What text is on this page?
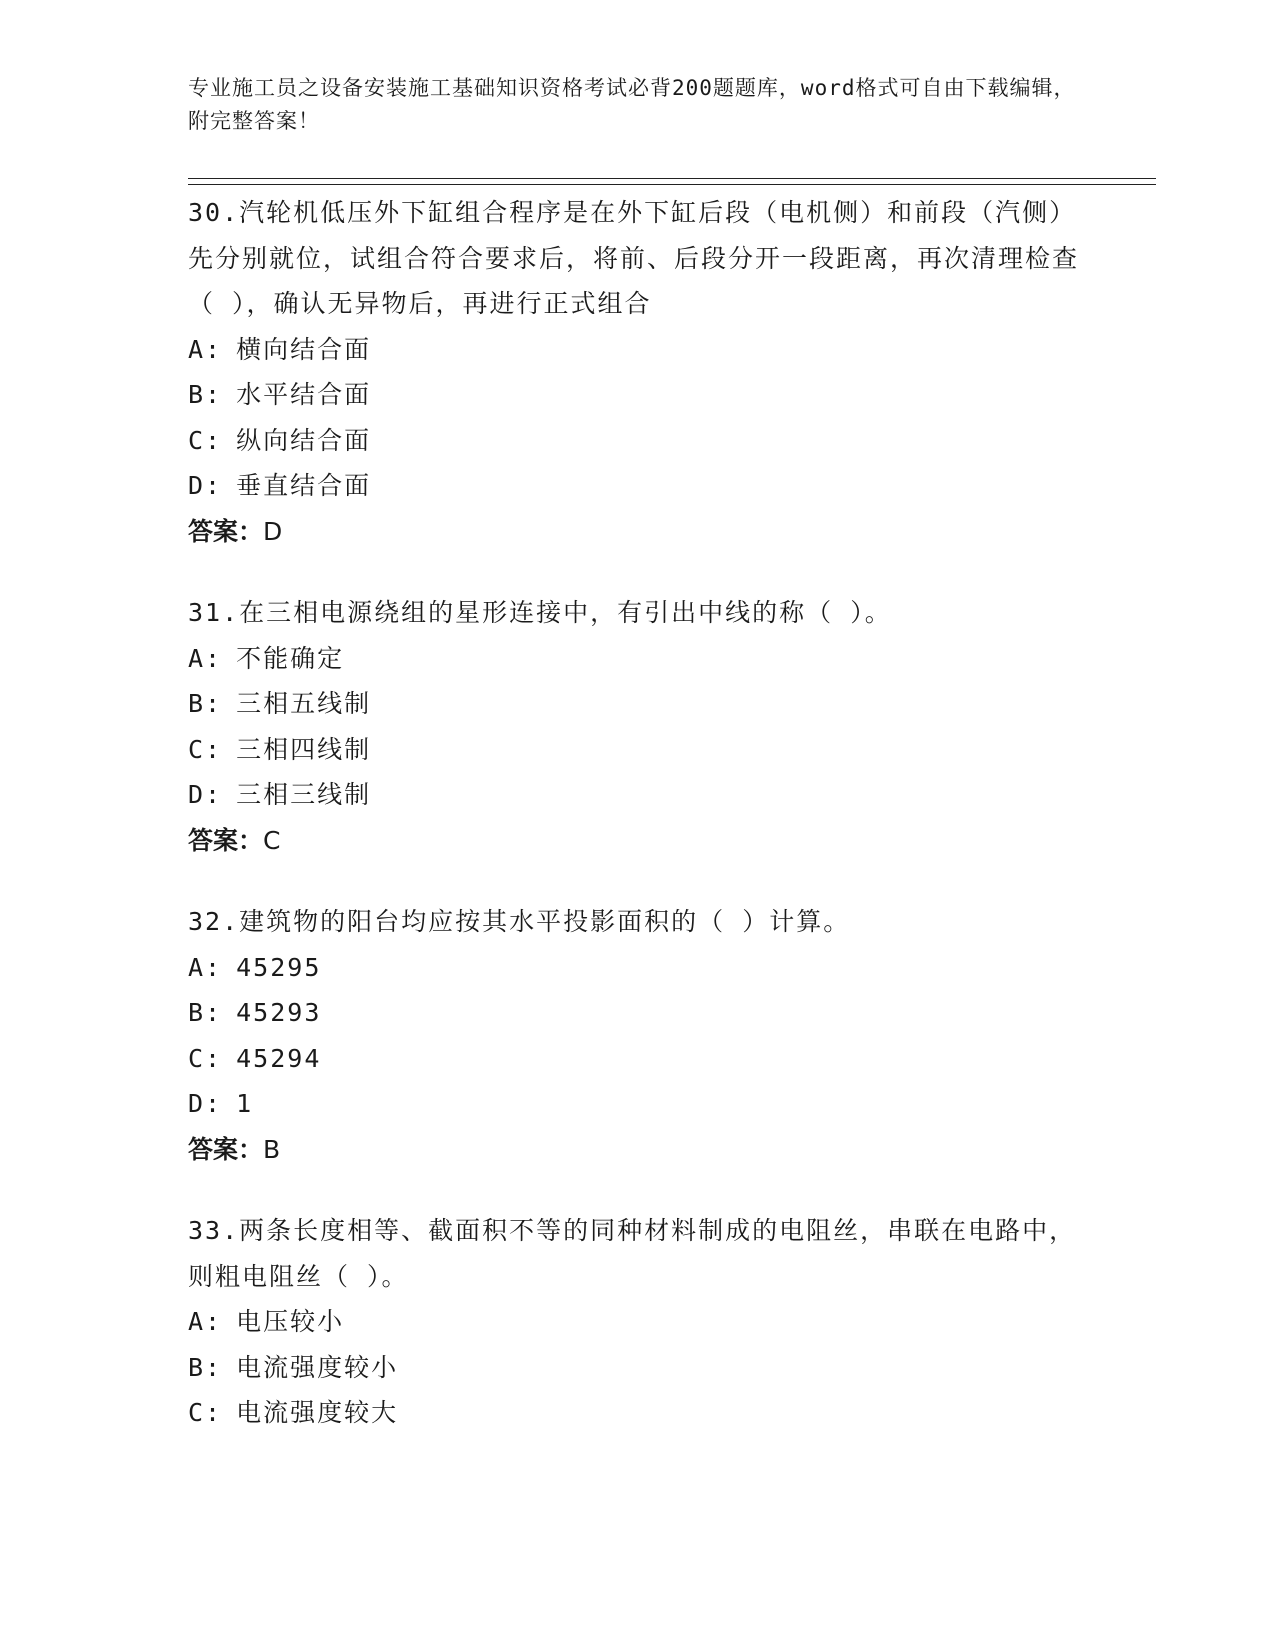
专业施工员之设备安装施工基础知识资格考试必背200题题库，word格式可自由下载编辑，附完整答案！

30.汽轮机低压外下缸组合程序是在外下缸后段（电机侧）和前段（汽侧）先分别就位，试组合符合要求后，将前、后段分开一段距离，再次清理检查（ ），确认无异物后，再进行正式组合

A: 横向结合面

B: 水平结合面

C: 纵向结合面

D: 垂直结合面

答案：D

31.在三相电源绕组的星形连接中，有引出中线的称（ ）。

A: 不能确定

B: 三相五线制

C: 三相四线制

D: 三相三线制

答案：C

32.建筑物的阳台均应按其水平投影面积的（ ）计算。

A: 45295

B: 45293

C: 45294

D: 1

答案：B

33.两条长度相等、截面积不等的同种材料制成的电阻丝，串联在电路中，则粗电阻丝（ ）。

A: 电压较小

B: 电流强度较小

C: 电流强度较大
